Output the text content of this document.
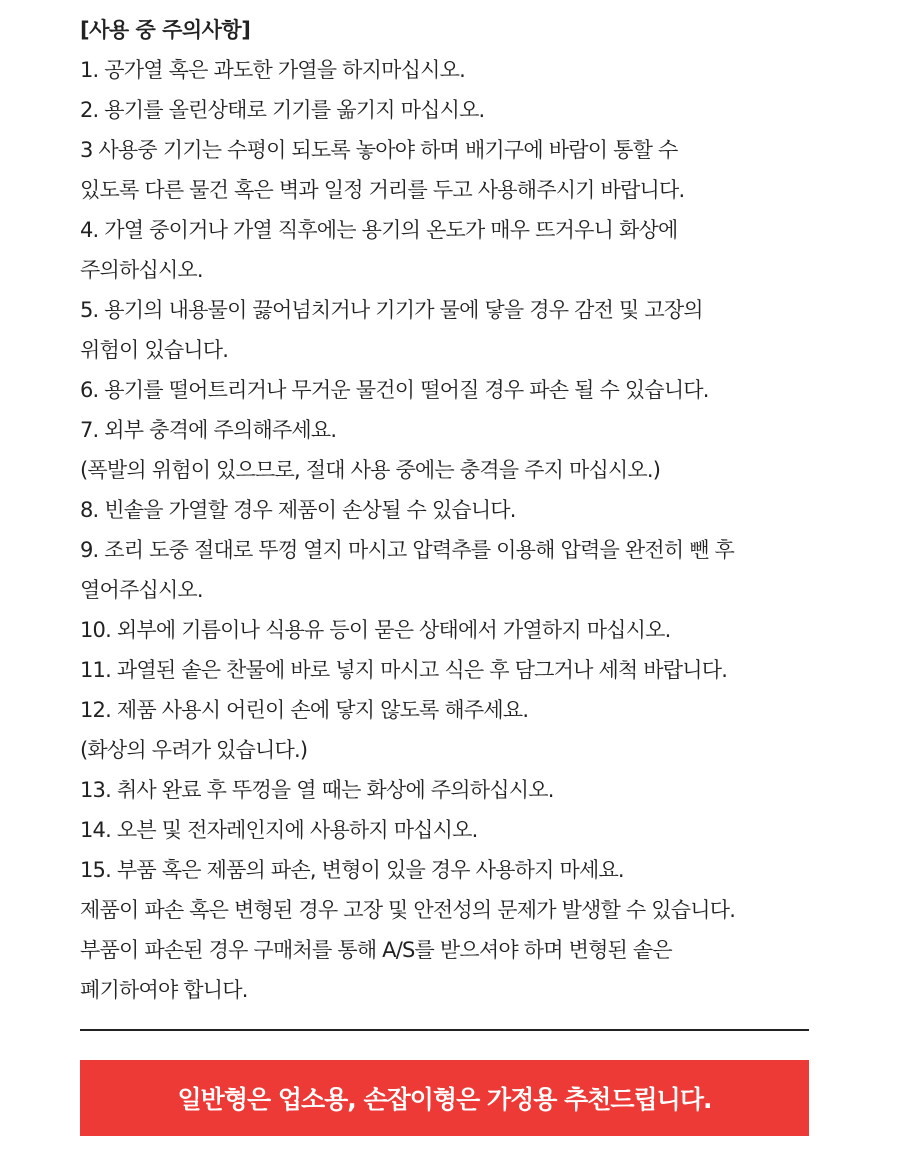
[사용 중 주의사항]
1. 공가열 혹은 과도한 가열을 하지마십시오.
2. 용기를 올린상태로 기기를 옮기지 마십시오.
3 사용중 기기는 수평이 되도록 놓아야 하며 배기구에 바람이 통할 수
있도록 다른 물건 혹은 벽과 일정 거리를 두고 사용해주시기 바랍니다.
4. 가열 중이거나 가열 직후에는 용기의 온도가 매우 뜨거우니 화상에
주의하십시오.
5. 용기의 내용물이 끓어넘치거나 기기가 물에 닿을 경우 감전 및 고장의
위험이 있습니다.
6. 용기를 떨어트리거나 무거운 물건이 떨어질 경우 파손 될 수 있습니다.
7. 외부 충격에 주의해주세요.
(폭발의 위험이 있으므로, 절대 사용 중에는 충격을 주지 마십시오.)
8. 빈솥을 가열할 경우 제품이 손상될 수 있습니다.
9. 조리 도중 절대로 뚜껑 열지 마시고 압력추를 이용해 압력을 완전히 뺀 후
열어주십시오.
10. 외부에 기름이나 식용유 등이 묻은 상태에서 가열하지 마십시오.
11. 과열된 솥은 찬물에 바로 넣지 마시고 식은 후 담그거나 세척 바랍니다.
12. 제품 사용시 어린이 손에 닿지 않도록 해주세요.
(화상의 우려가 있습니다.)
13. 취사 완료 후 뚜껑을 열 때는 화상에 주의하십시오.
14. 오븐 및 전자레인지에 사용하지 마십시오.
15. 부품 혹은 제품의 파손, 변형이 있을 경우 사용하지 마세요.
제품이 파손 혹은 변형된 경우 고장 및 안전성의 문제가 발생할 수 있습니다.
부품이 파손된 경우 구매처를 통해 A/S를 받으셔야 하며 변형된 솥은
폐기하여야 합니다.
일반형은 업소용, 손잡이형은 가정용 추천드립니다.
